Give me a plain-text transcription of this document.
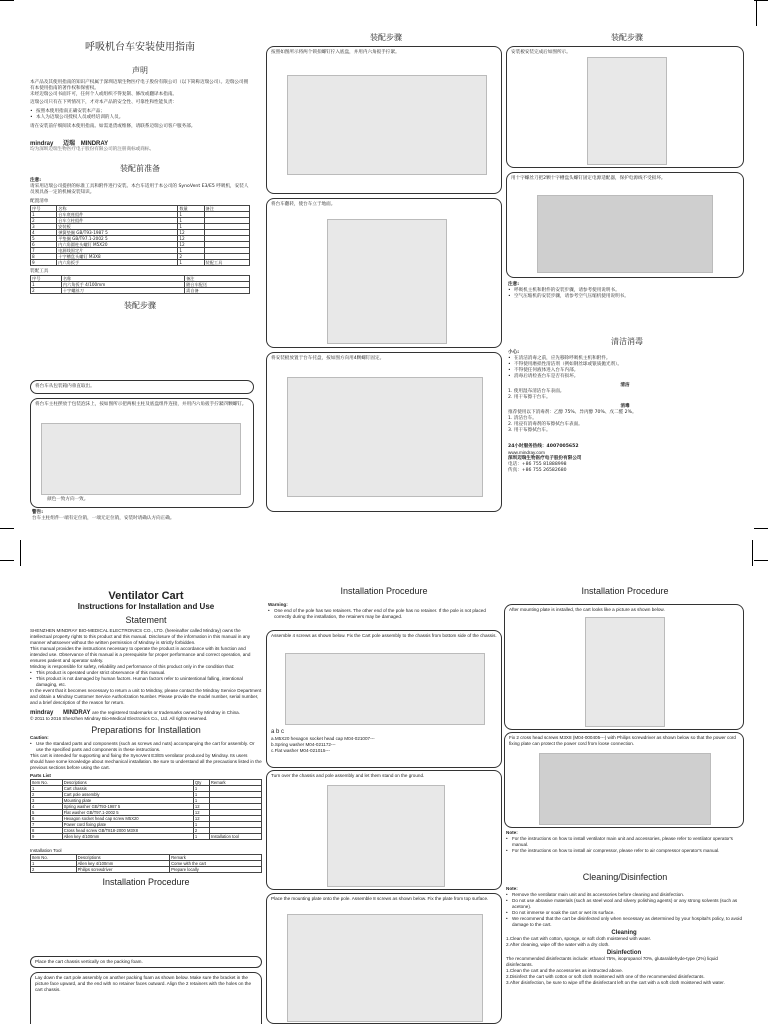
呼吸机台车安装使用指南
声明
本产品及其使用指南的知识产权属于深圳迈瑞生物医疗电子股份有限公司（以下简称迈瑞公司）。迈瑞公司拥有本使用指南的著作权和保密权。
未经迈瑞公司书面许可，任何个人或组织不得复制、修改或翻译本指南。
迈瑞公司只有在下列情况下，才对本产品的安全性、可靠性和性能负责：
• 按照本使用指南正确安装本产品；
• 本人为迈瑞公司授权人员或经培训的人员。
请在安装前仔细阅读本使用指南。如需退货或维修，请联系迈瑞公司客户服务部。
mindray 迈瑞 MINDRAY
均为深圳迈瑞生物医疗电子股份有限公司的注册商标或商标。
装配前准备
注意:
请采用迈瑞公司提供的标准工具和附件进行安装。本台车适用于本公司的 SynoVent E3/E5 呼吸机，安装人员须具备一定的机械安装知识。
配置清单
序号	名称	数量	备注
1	台车底座组件	1	
2	台车立柱组件	1	
3	安装板	1	
4	弹簧垫圈 GB/T93-1987 5	12	
5	平垫圈 GB/T97.1-2002 5	12	
6	内六角圆柱头螺钉 M5X20	12	
7	电源线固定片	1	
8	十字槽盘头螺钉 M3X8	2	
9	内六角扳手	1	装配工具
装配工具
序号	名称	备注
1	内六角扳手 4/100mm	随台车配送
2	十字螺丝刀	需自备
装配步骤
将台车从包装箱内垂直取出。
将台车主柱摆放于包装泡沫上，按如图所示把两根主柱及底盘组件连接，并用内六角扳手拧紧四颗螺钉。
颜色一致方向一致。
警告:
台车主柱组件一端有定位销，一端无定位销，安装时请确认方向正确。
装配步骤
按照如图所示将两个锁扣螺钉拧入底盘，并用内六角扳手拧紧。
将台车翻转，使台车立于地面。
将安装板放置于台车托盘，按如图方向用4颗螺钉固定。
装配步骤
安装板安装完成后如图所示。
用十字螺丝刀把2颗十字槽盘头螺钉固定电源适配器，保护电源线不受损坏。
注意:
• 呼吸机主机和附件的安装步骤，请参考使用说明书。
• 空气压缩机的安装步骤，请参考空气压缩机使用说明书。
清洁消毒
小心:
• 在清洁消毒之前，应先移除呼吸机主机和附件。
• 不得使用磨损性清洁剂（例如钢丝球或银质抛光剂）。
• 不得使任何液体进入台车内部。
• 消毒后请检查台车是否有损坏。
清洁
1. 使用湿布清洁台车表面。
2. 用干布擦干台车。
消毒
推荐使用以下消毒剂：乙醇 75%、异丙醇 70%、戊二醛 2%。
1. 清洁台车。
2. 用浸有消毒剂的布擦拭台车表面。
3. 用干布擦拭台车。
24小时服务热线：4007005652
www.mindray.com
深圳迈瑞生物医疗电子股份有限公司
电话：+86 755 81888998
传真：+86 755 26582680
Ventilator Cart
Instructions for Installation and Use
Statement
SHENZHEN MINDRAY BIO-MEDICAL ELECTRONICS CO., LTD. (hereinafter called Mindray) owns the intellectual property rights to this product and this manual. Disclosure of the information in this manual in any manner whatsoever without the written permission of Mindray is strictly forbidden.
This manual provides the instructions necessary to operate the product in accordance with its function and intended use. Observance of this manual is a prerequisite for proper performance and correct operation, and ensures patient and operator safety.
Mindray is responsible for safety, reliability and performance of this product only in the condition that:
• This product is operated under strict observance of this manual.
• This product is not damaged by human factors. Human factors refer to unintentional falling, intentional damaging, etc.
In the event that it becomes necessary to return a unit to Mindray, please contact the Mindray Service Department and obtain a Mindray Customer Service Authorization Number. Please provide the model number, serial number, and a brief description of the reason for return.
mindray MINDRAY are the registered trademarks or trademarks owned by Mindray in China.
© 2011 to 2016 Shenzhen Mindray Bio-Medical Electronics Co., Ltd. All rights reserved.
Preparations for Installation
Caution:
• Use the standard parts and components (such as screws and nuts) accompanying the cart for assembly. Or use the specified parts and components in these instructions.
This cart is intended for supporting and fixing the SynoVent E3/E5 ventilator produced by Mindray. Its users should have some knowledge about mechanical installation. Be sure to understand all the precautions listed in the previous sections before using the cart.
Parts List
Item No.	Descriptions	Qty	Remark
1	Cart chassis	1	
2	Cart pole assembly	1	
3	Mounting plate	1	
4	Spring washer GB/T93-1987 5	12	
5	Flat washer GB/T97.1-2002 5	12	
6	Hexagon socket head cap screw M5X20	12	
7	Power cord fixing plate	1	
8	Cross head screw GB/T818-2000 M3X8	2	
9	Allen key 4/100mm	1	Installation tool
Installation Tool
Item No.	Descriptions	Remark
1	Allen key 4/100mm	Come with the cart
2	Philips screwdriver	Prepare locally
Installation Procedure
Place the cart chassis vertically on the packing foam.
Lay down the cart pole assembly on another packing foam as shown below. Make sure the bracket in the picture face upward, and the end with no retainer faces outward. Align the 2 retainers with the holes on the cart chassis.
Installation Procedure
Warning:
• One end of the pole has two retainers. The other end of the pole has no retainer. If the pole is not placed correctly during the installation, the retainers may be damaged.
Assemble 4 screws as shown below. Fix the Cart pole assembly to the chassis from bottom side of the chassis.
a b c
a.M5X20 hexagon socket head cap M04-021007---
b.Spring washer M04-021172---
c.Flat washer M04-021015---
Turn over the chassis and pole assembly and let them stand on the ground.
Place the mounting plate onto the pole. Assemble 8 screws as shown below. Fix the plate from top surface.
Installation Procedure
After mounting plate is installed, the cart looks like a picture as shown below.
Fix 2 cross head screws M3X8 (M04-000405---) with Philips screwdriver as shown below so that the power cord fixing plate can protect the power cord from loose connection.
Note:
• For the instructions on how to install ventilator main unit and accessories, please refer to ventilator operator's manual.
• For the instructions on how to install air compressor, please refer to air compressor operator's manual.
Cleaning/Disinfection
Note:
• Remove the ventilator main unit and its accessories before cleaning and disinfection.
• Do not use abrasive materials (such as steel wool and silvery polishing agents) or any strong solvents (such as acetone).
• Do not immerse or soak the cart or wet its surface.
• We recommend that the cart be disinfected only when necessary as determined by your hospital's policy, to avoid damage to the cart.
Cleaning
1.Clean the cart with cotton, sponge, or soft cloth moistened with water.
2.After cleaning, wipe off the water with a dry cloth.
Disinfection
The recommended disinfectants include: ethanol 75%, isopropanol 70%, glutaraldehyde-type (2%) liquid disinfectants.
1.Clean the cart and the accessories as instructed above.
2.Disinfect the cart with cotton or soft cloth moistened with one of the recommended disinfectants.
3.After disinfection, be sure to wipe off the disinfectant left on the cart with a soft cloth moistened with water.
